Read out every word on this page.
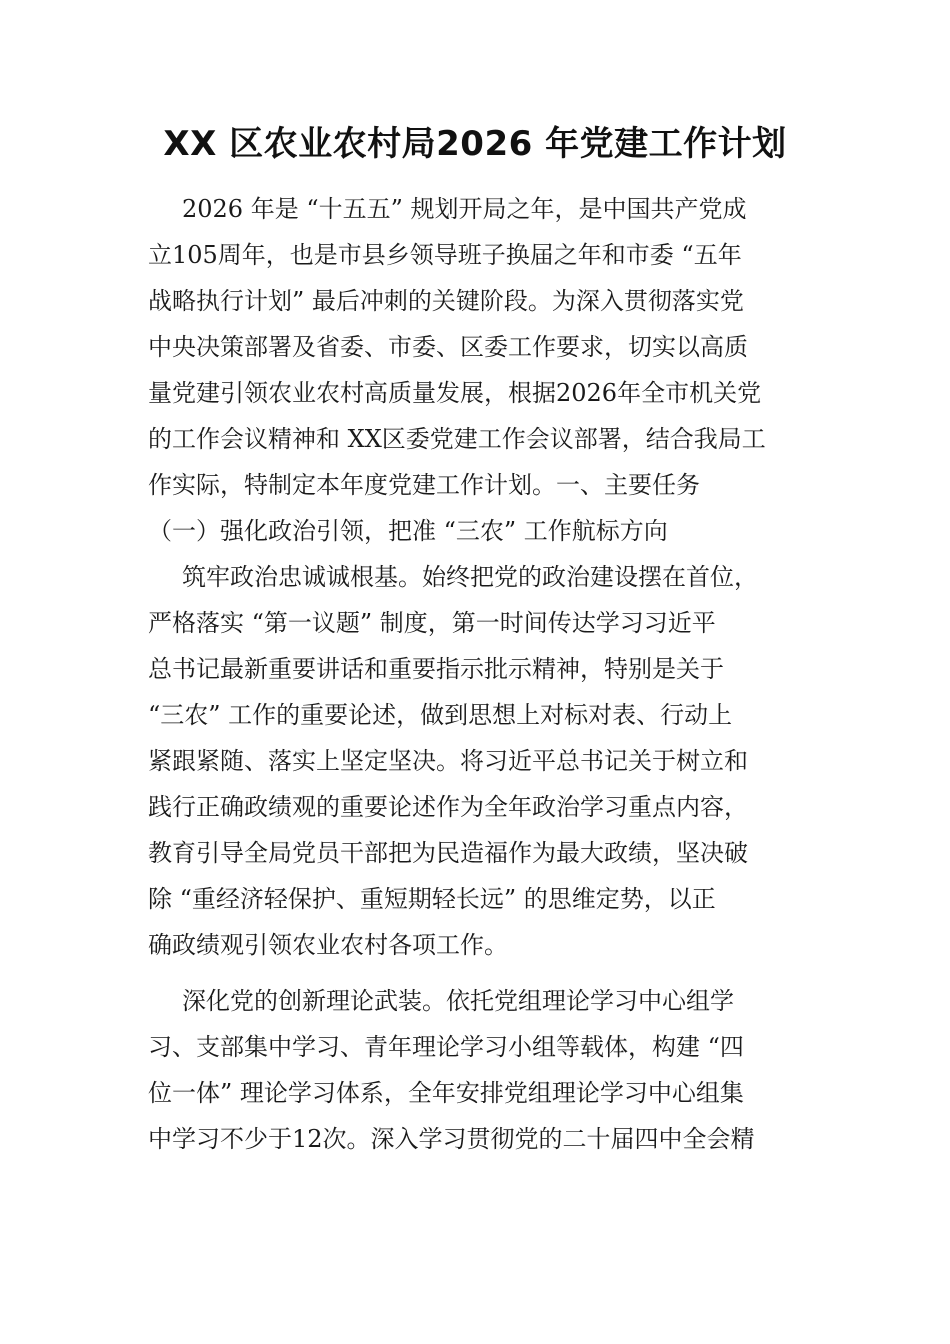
XX 区农业农村局2026 年党建工作计划
2026 年是 “十五五” 规划开局之年，是中国共产党成
立105周年，也是市县乡领导班子换届之年和市委 “五年
战略执行计划” 最后冲刺的关键阶段。为深入贯彻落实党
中央决策部署及省委、市委、区委工作要求，切实以高质
量党建引领农业农村高质量发展，根据2026年全市机关党
的工作会议精神和 XX区委党建工作会议部署，结合我局工
作实际，特制定本年度党建工作计划。一、主要任务
（一）强化政治引领，把准 “三农” 工作航标方向
筑牢政治忠诚诚根基。始终把党的政治建设摆在首位，
严格落实 “第一议题” 制度，第一时间传达学习习近平
总书记最新重要讲话和重要指示批示精神，特别是关于
“三农” 工作的重要论述，做到思想上对标对表、行动上
紧跟紧随、落实上坚定坚决。将习近平总书记关于树立和
践行正确政绩观的重要论述作为全年政治学习重点内容，
教育引导全局党员干部把为民造福作为最大政绩，坚决破
除 “重经济轻保护、重短期轻长远” 的思维定势，以正
确政绩观引领农业农村各项工作。
深化党的创新理论武装。依托党组理论学习中心组学
习、支部集中学习、青年理论学习小组等载体，构建 “四
位一体” 理论学习体系，全年安排党组理论学习中心组集
中学习不少于12次。深入学习贯彻党的二十届四中全会精
